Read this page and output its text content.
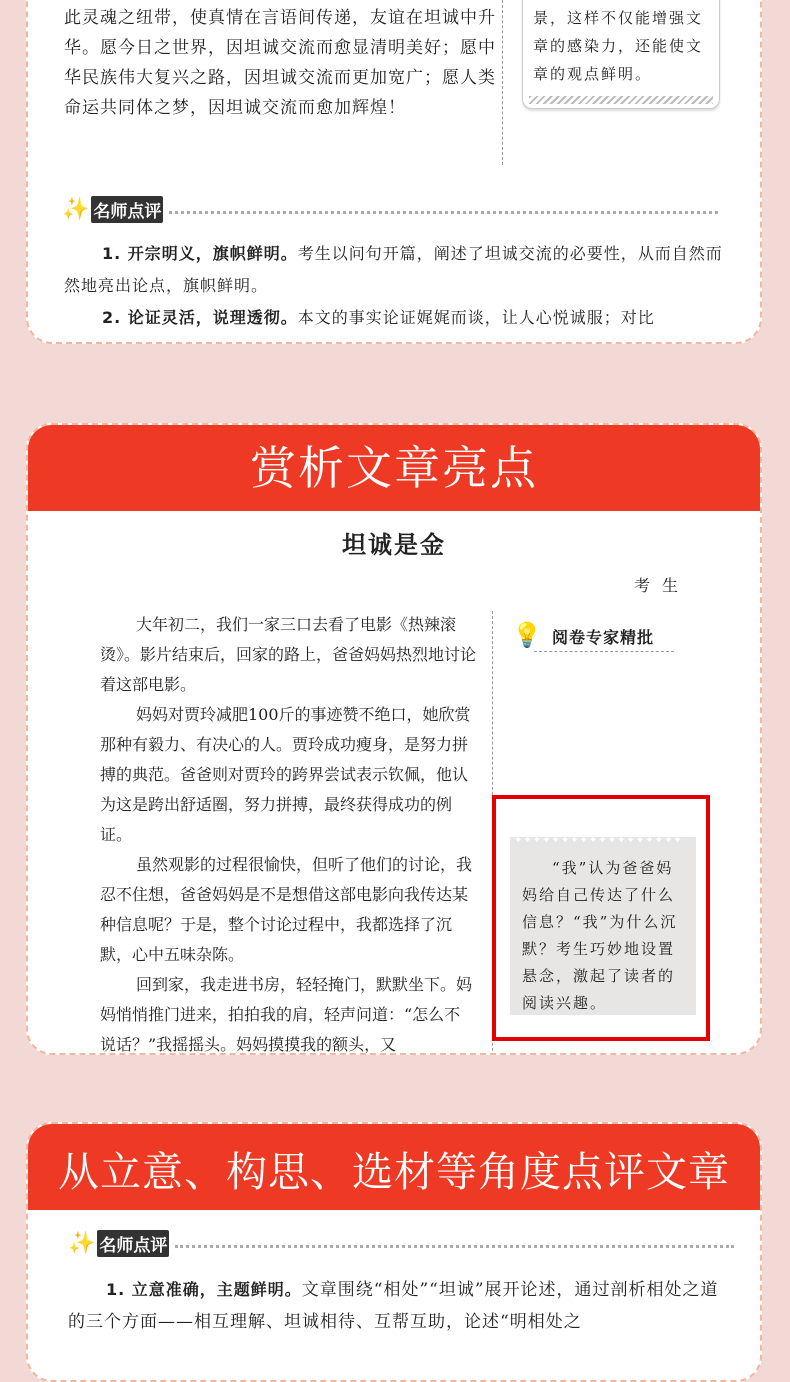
此灵魂之纽带，使真情在言语间传递，友谊在坦诚中升华。愿今日之世界，因坦诚交流而愈显清明美好；愿中华民族伟大复兴之路，因坦诚交流而更加宽广；愿人类命运共同体之梦，因坦诚交流而愈加辉煌！
景，这样不仅能增强文章的感染力，还能使文章的观点鲜明。
✨ 名师点评
1. 开宗明义，旗帜鲜明。考生以问句开篇，阐述了坦诚交流的必要性，从而自然而然地亮出论点，旗帜鲜明。
2. 论证灵活，说理透彻。本文的事实论证娓娓而谈，让人心悦诚服；对比
赏析文章亮点
坦诚是金
考生

大年初二，我们一家三口去看了电影《热辣滚烫》。影片结束后，回家的路上，爸爸妈妈热烈地讨论着这部电影。

妈妈对贾玲减肥100斤的事迹赞不绝口，她欣赏那种有毅力、有决心的人。贾玲成功瘦身，是努力拼搏的典范。爸爸则对贾玲的跨界尝试表示钦佩，他认为这是跨出舒适圈，努力拼搏，最终获得成功的例证。

虽然观影的过程很愉快，但听了他们的讨论，我忍不住想，爸爸妈妈是不是想借这部电影向我传达某种信息呢？于是，整个讨论过程中，我都选择了沉默，心中五味杂陈。

回到家，我走进书房，轻轻掩门，默默坐下。妈妈悄悄推门进来，拍拍我的肩，轻声问道：“怎么不说话？”我摇摇头。妈妈摸摸我的额头，又

💡 阅卷专家精批
✦✦✦✦✦✦✦✦✦✦✦✦✦✦✦✦✦✦
“我”认为爸爸妈妈给自己传达了什么信息？“我”为什么沉默？考生巧妙地设置悬念，激起了读者的阅读兴趣。
从立意、构思、选材等角度点评文章
✨ 名师点评
1. 立意准确，主题鲜明。文章围绕“相处”“坦诚”展开论述，通过剖析相处之道的三个方面——相互理解、坦诚相待、互帮互助，论述“明相处之
